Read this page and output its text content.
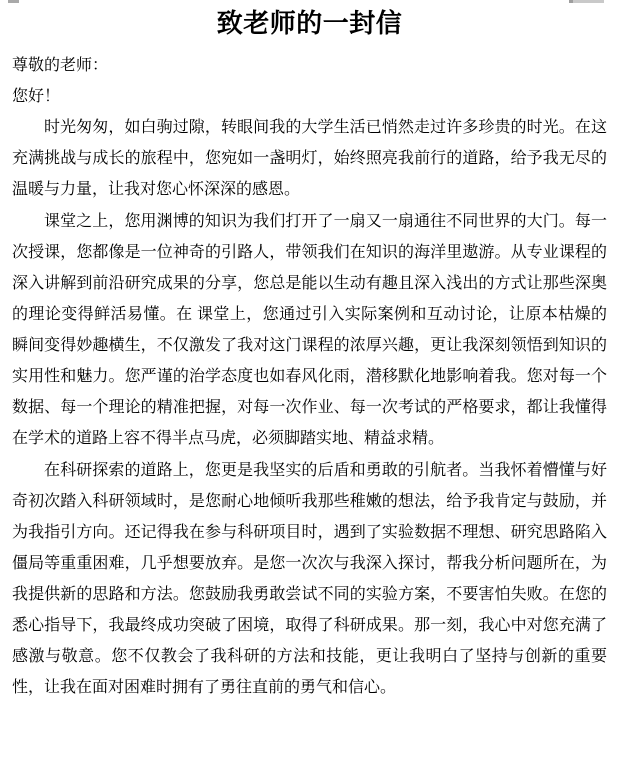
致老师的一封信

尊敬的老师：

您好！

时光匆匆，如白驹过隙，转眼间我的大学生活已悄然走过许多珍贵的时光。在这充满挑战与成长的旅程中，您宛如一盏明灯，始终照亮我前行的道路，给予我无尽的温暖与力量，让我对您心怀深深的感恩。

课堂之上，您用渊博的知识为我们打开了一扇又一扇通往不同世界的大门。每一次授课，您都像是一位神奇的引路人，带领我们在知识的海洋里遨游。从专业课程的深入讲解到前沿研究成果的分享，您总是能以生动有趣且深入浅出的方式让那些深奥的理论变得鲜活易懂。在 课堂上，您通过引入实际案例和互动讨论，让原本枯燥的瞬间变得妙趣横生，不仅激发了我对这门课程的浓厚兴趣，更让我深刻领悟到知识的实用性和魅力。您严谨的治学态度也如春风化雨，潜移默化地影响着我。您对每一个数据、每一个理论的精准把握，对每一次作业、每一次考试的严格要求，都让我懂得在学术的道路上容不得半点马虎，必须脚踏实地、精益求精。

在科研探索的道路上，您更是我坚实的后盾和勇敢的引航者。当我怀着懵懂与好奇初次踏入科研领域时，是您耐心地倾听我那些稚嫩的想法，给予我肯定与鼓励，并为我指引方向。还记得我在参与科研项目时，遇到了实验数据不理想、研究思路陷入僵局等重重困难，几乎想要放弃。是您一次次与我深入探讨，帮我分析问题所在，为我提供新的思路和方法。您鼓励我勇敢尝试不同的实验方案，不要害怕失败。在您的悉心指导下，我最终成功突破了困境，取得了科研成果。那一刻，我心中对您充满了感激与敬意。您不仅教会了我科研的方法和技能，更让我明白了坚持与创新的重要性，让我在面对困难时拥有了勇往直前的勇气和信心。
